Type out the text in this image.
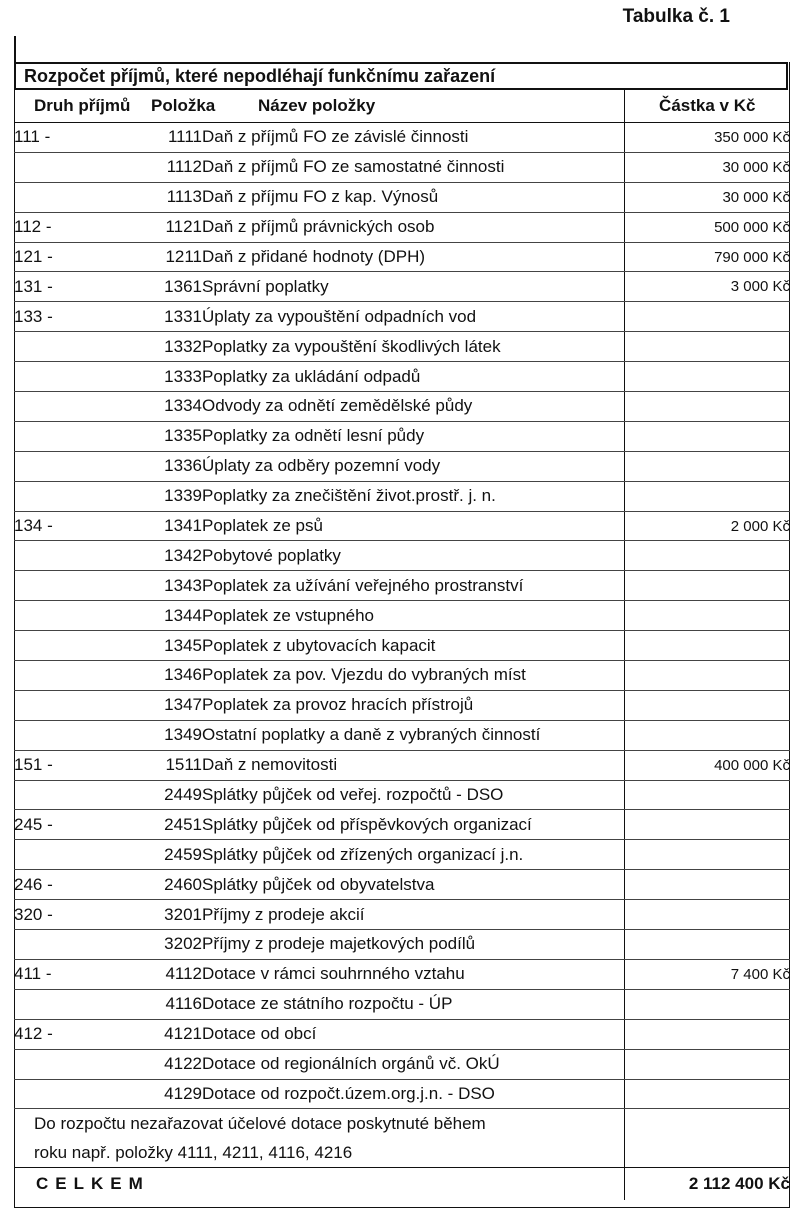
Tabulka č. 1
Rozpočet příjmů, které nepodléhají funkčnímu zařazení
Druh příjmů	Položka	Název položky	Částka v Kč
111 -	1111	Daň z příjmů FO ze závislé činnosti	350 000 Kč
	1112	Daň z příjmů FO ze samostatné činnosti	30 000 Kč
	1113	Daň z příjmu FO z kap. Výnosů	30 000 Kč
112 -	1121	Daň z příjmů právnických osob	500 000 Kč
121 -	1211	Daň z přidané hodnoty (DPH)	790 000 Kč
131 -	1361	Správní poplatky	3 000 Kč
133 -	1331	Úplaty za vypouštění odpadních vod	
	1332	Poplatky za vypouštění škodlivých látek	
	1333	Poplatky za ukládání odpadů	
	1334	Odvody za odnětí zemědělské půdy	
	1335	Poplatky za odnětí lesní půdy	
	1336	Úplaty za odběry pozemní vody	
	1339	Poplatky za znečištění život.prostř. j. n.	
134 -	1341	Poplatek ze psů	2 000 Kč
	1342	Pobytové poplatky	
	1343	Poplatek za užívání veřejného prostranství	
	1344	Poplatek ze vstupného	
	1345	Poplatek z ubytovacích kapacit	
	1346	Poplatek za pov. Vjezdu do vybraných míst	
	1347	Poplatek za provoz hracích přístrojů	
	1349	Ostatní poplatky a daně z vybraných činností	
151 -	1511	Daň z nemovitosti	400 000 Kč
	2449	Splátky půjček od veřej. rozpočtů - DSO	
245 -	2451	Splátky půjček od příspěvkových organizací	
	2459	Splátky půjček od zřízených organizací j.n.	
246 -	2460	Splátky půjček od obyvatelstva	
320 -	3201	Příjmy z prodeje akcií	
	3202	Příjmy z prodeje majetkových podílů	
411 -	4112	Dotace v rámci souhrnného vztahu	7 400 Kč
	4116	Dotace ze státního rozpočtu - ÚP	
412 -	4121	Dotace od obcí	
	4122	Dotace od regionálních orgánů vč. OkÚ	
	4129	Dotace od rozpočt.územ.org.j.n. - DSO	
Do rozpočtu nezařazovat účelové dotace poskytnuté během			
roku např. položky 4111, 4211, 4116, 4216			
CELKEM			2 112 400 Kč
